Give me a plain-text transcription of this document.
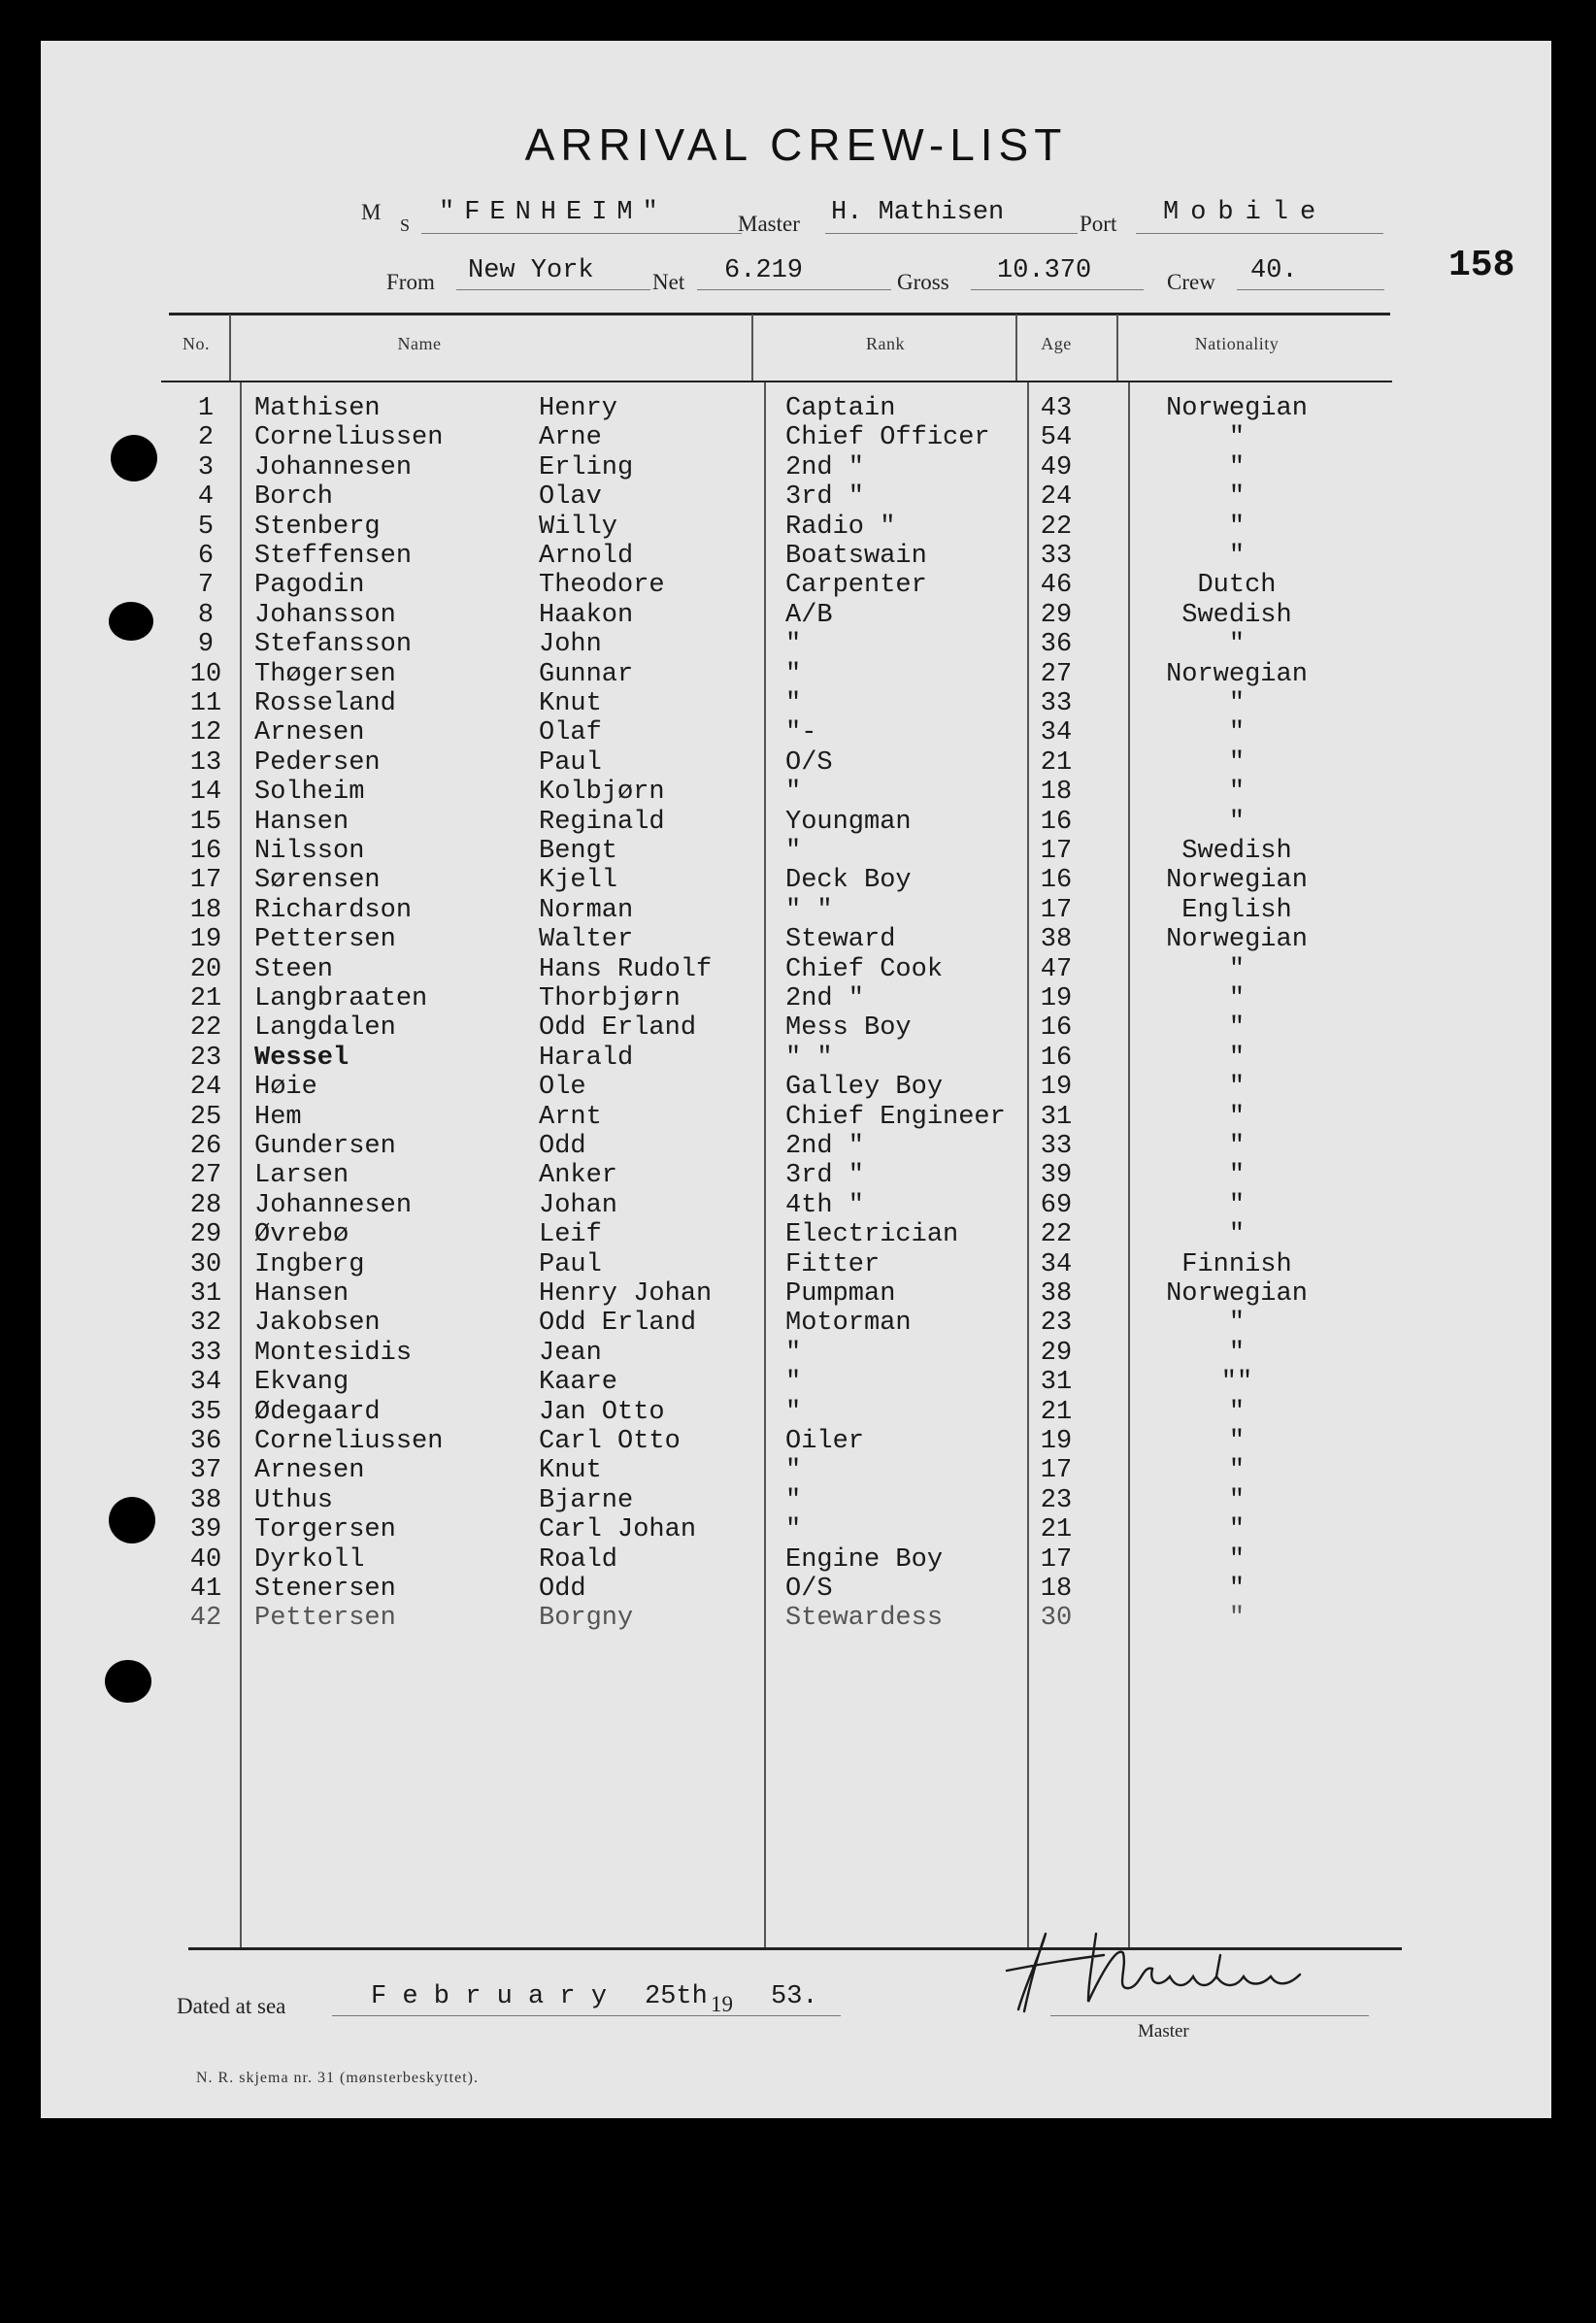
ARRIVAL CREW-LIST
158
M
S "FENHEIM"	Master H. Mathisen	Port Mobile
From New York	Net 6.219	Gross 10.370	Crew 40.
No.	Name	Rank	Age	Nationality
1	Mathisen	Henry	Captain	43	Norwegian
2	Corneliussen	Arne	Chief Officer	54	"
3	Johannesen	Erling	2nd "	49	"
4	Borch	Olav	3rd "	24	"
5	Stenberg	Willy	Radio "	22	"
6	Steffensen	Arnold	Boatswain	33	"
7	Pagodin	Theodore	Carpenter	46	Dutch
8	Johansson	Haakon	A/B	29	Swedish
9	Stefansson	John	"	36	"
10	Thøgersen	Gunnar	"	27	Norwegian
11	Rosseland	Knut	"	33	"
12	Arnesen	Olaf	"-	34	"
13	Pedersen	Paul	O/S	21	"
14	Solheim	Kolbjørn	"	18	"
15	Hansen	Reginald	Youngman	16	"
16	Nilsson	Bengt	"	17	Swedish
17	Sørensen	Kjell	Deck Boy	16	Norwegian
18	Richardson	Norman	" "	17	English
19	Pettersen	Walter	Steward	38	Norwegian
20	Steen	Hans Rudolf	Chief Cook	47	"
21	Langbraaten	Thorbjørn	2nd "	19	"
22	Langdalen	Odd Erland	Mess Boy	16	"
23	Wessel	Harald	" "	16	"
24	Høie	Ole	Galley Boy	19	"
25	Hem	Arnt	Chief Engineer	31	"
26	Gundersen	Odd	2nd "	33	"
27	Larsen	Anker	3rd "	39	"
28	Johannesen	Johan	4th "	69	"
29	Øvrebø	Leif	Electrician	22	"
30	Ingberg	Paul	Fitter	34	Finnish
31	Hansen	Henry Johan	Pumpman	38	Norwegian
32	Jakobsen	Odd Erland	Motorman	23	"
33	Montesidis	Jean	"	29	"
34	Ekvang	Kaare	"	31	""
35	Ødegaard	Jan Otto	"	21	"
36	Corneliussen	Carl Otto	Oiler	19	"
37	Arnesen	Knut	"	17	"
38	Uthus	Bjarne	"	23	"
39	Torgersen	Carl Johan	"	21	"
40	Dyrkoll	Roald	Engine Boy	17	"
41	Stenersen	Odd	O/S	18	"
42	Pettersen	Borgny	Stewardess	30	"
Dated at sea	F e b r u a r y 25th 19 53.
Master
N. R. skjema nr. 31 (mønsterbeskyttet).
